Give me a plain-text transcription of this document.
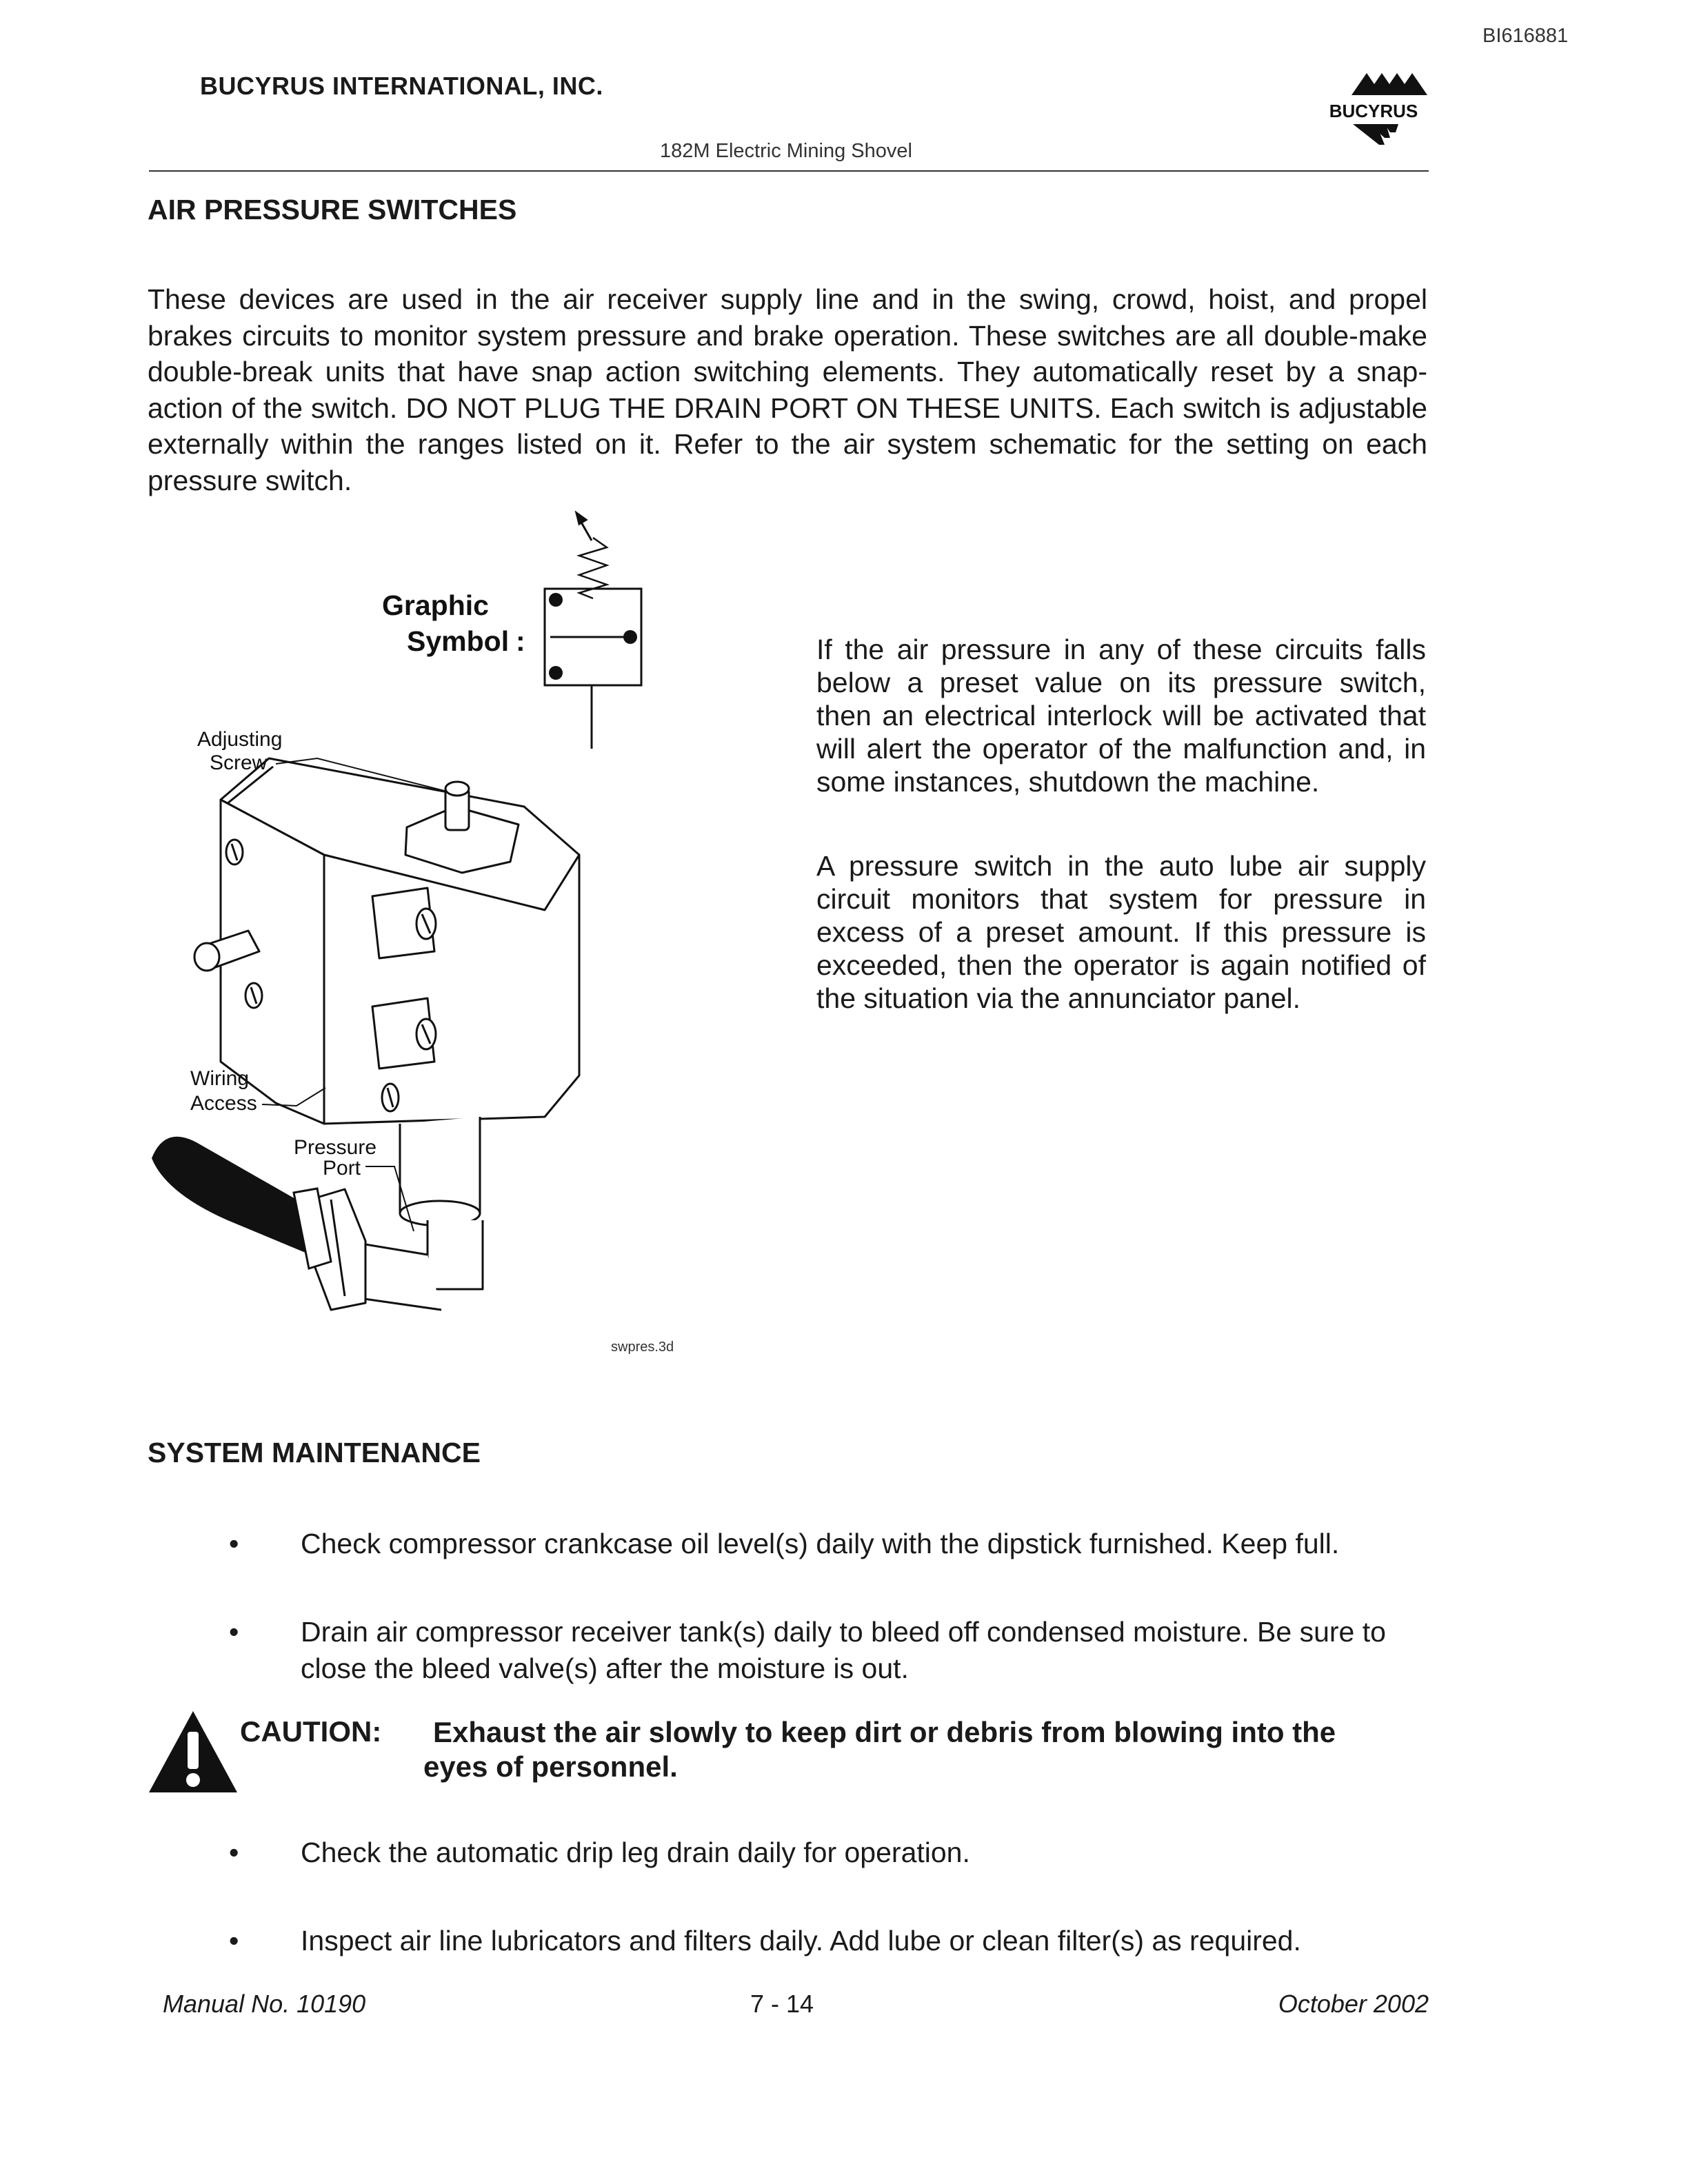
BI616881
BUCYRUS INTERNATIONAL, INC.
BUCYRUS
182M Electric Mining Shovel
AIR PRESSURE SWITCHES
These devices are used in the air receiver supply line and in the swing, crowd, hoist, and propel brakes circuits to monitor system pressure and brake operation. These switches are all double-make double-break units that have snap action switching elements. They automatically reset by a snap-action of the switch. DO NOT PLUG THE DRAIN PORT ON THESE UNITS. Each switch is adjustable externally within the ranges listed on it. Refer to the air system schematic for the setting on each pressure switch.
Graphic
Symbol :
Adjusting
Screw
Wiring
Access
Pressure
Port
swpres.3d
If the air pressure in any of these circuits falls below a preset value on its pressure switch, then an electrical interlock will be activated that will alert the operator of the malfunction and, in some instances, shutdown the machine.
A pressure switch in the auto lube air supply circuit monitors that system for pressure in excess of a preset amount. If this pressure is exceeded, then the operator is again notified of the situation via the annunciator panel.
SYSTEM MAINTENANCE
• Check compressor crankcase oil level(s) daily with the dipstick furnished. Keep full.
• Drain air compressor receiver tank(s) daily to bleed off condensed moisture. Be sure to close the bleed valve(s) after the moisture is out.
CAUTION:	Exhaust the air slowly to keep dirt or debris from blowing into the eyes of personnel.
• Check the automatic drip leg drain daily for operation.
• Inspect air line lubricators and filters daily. Add lube or clean filter(s) as required.
Manual No. 10190	7 - 14	October 2002
